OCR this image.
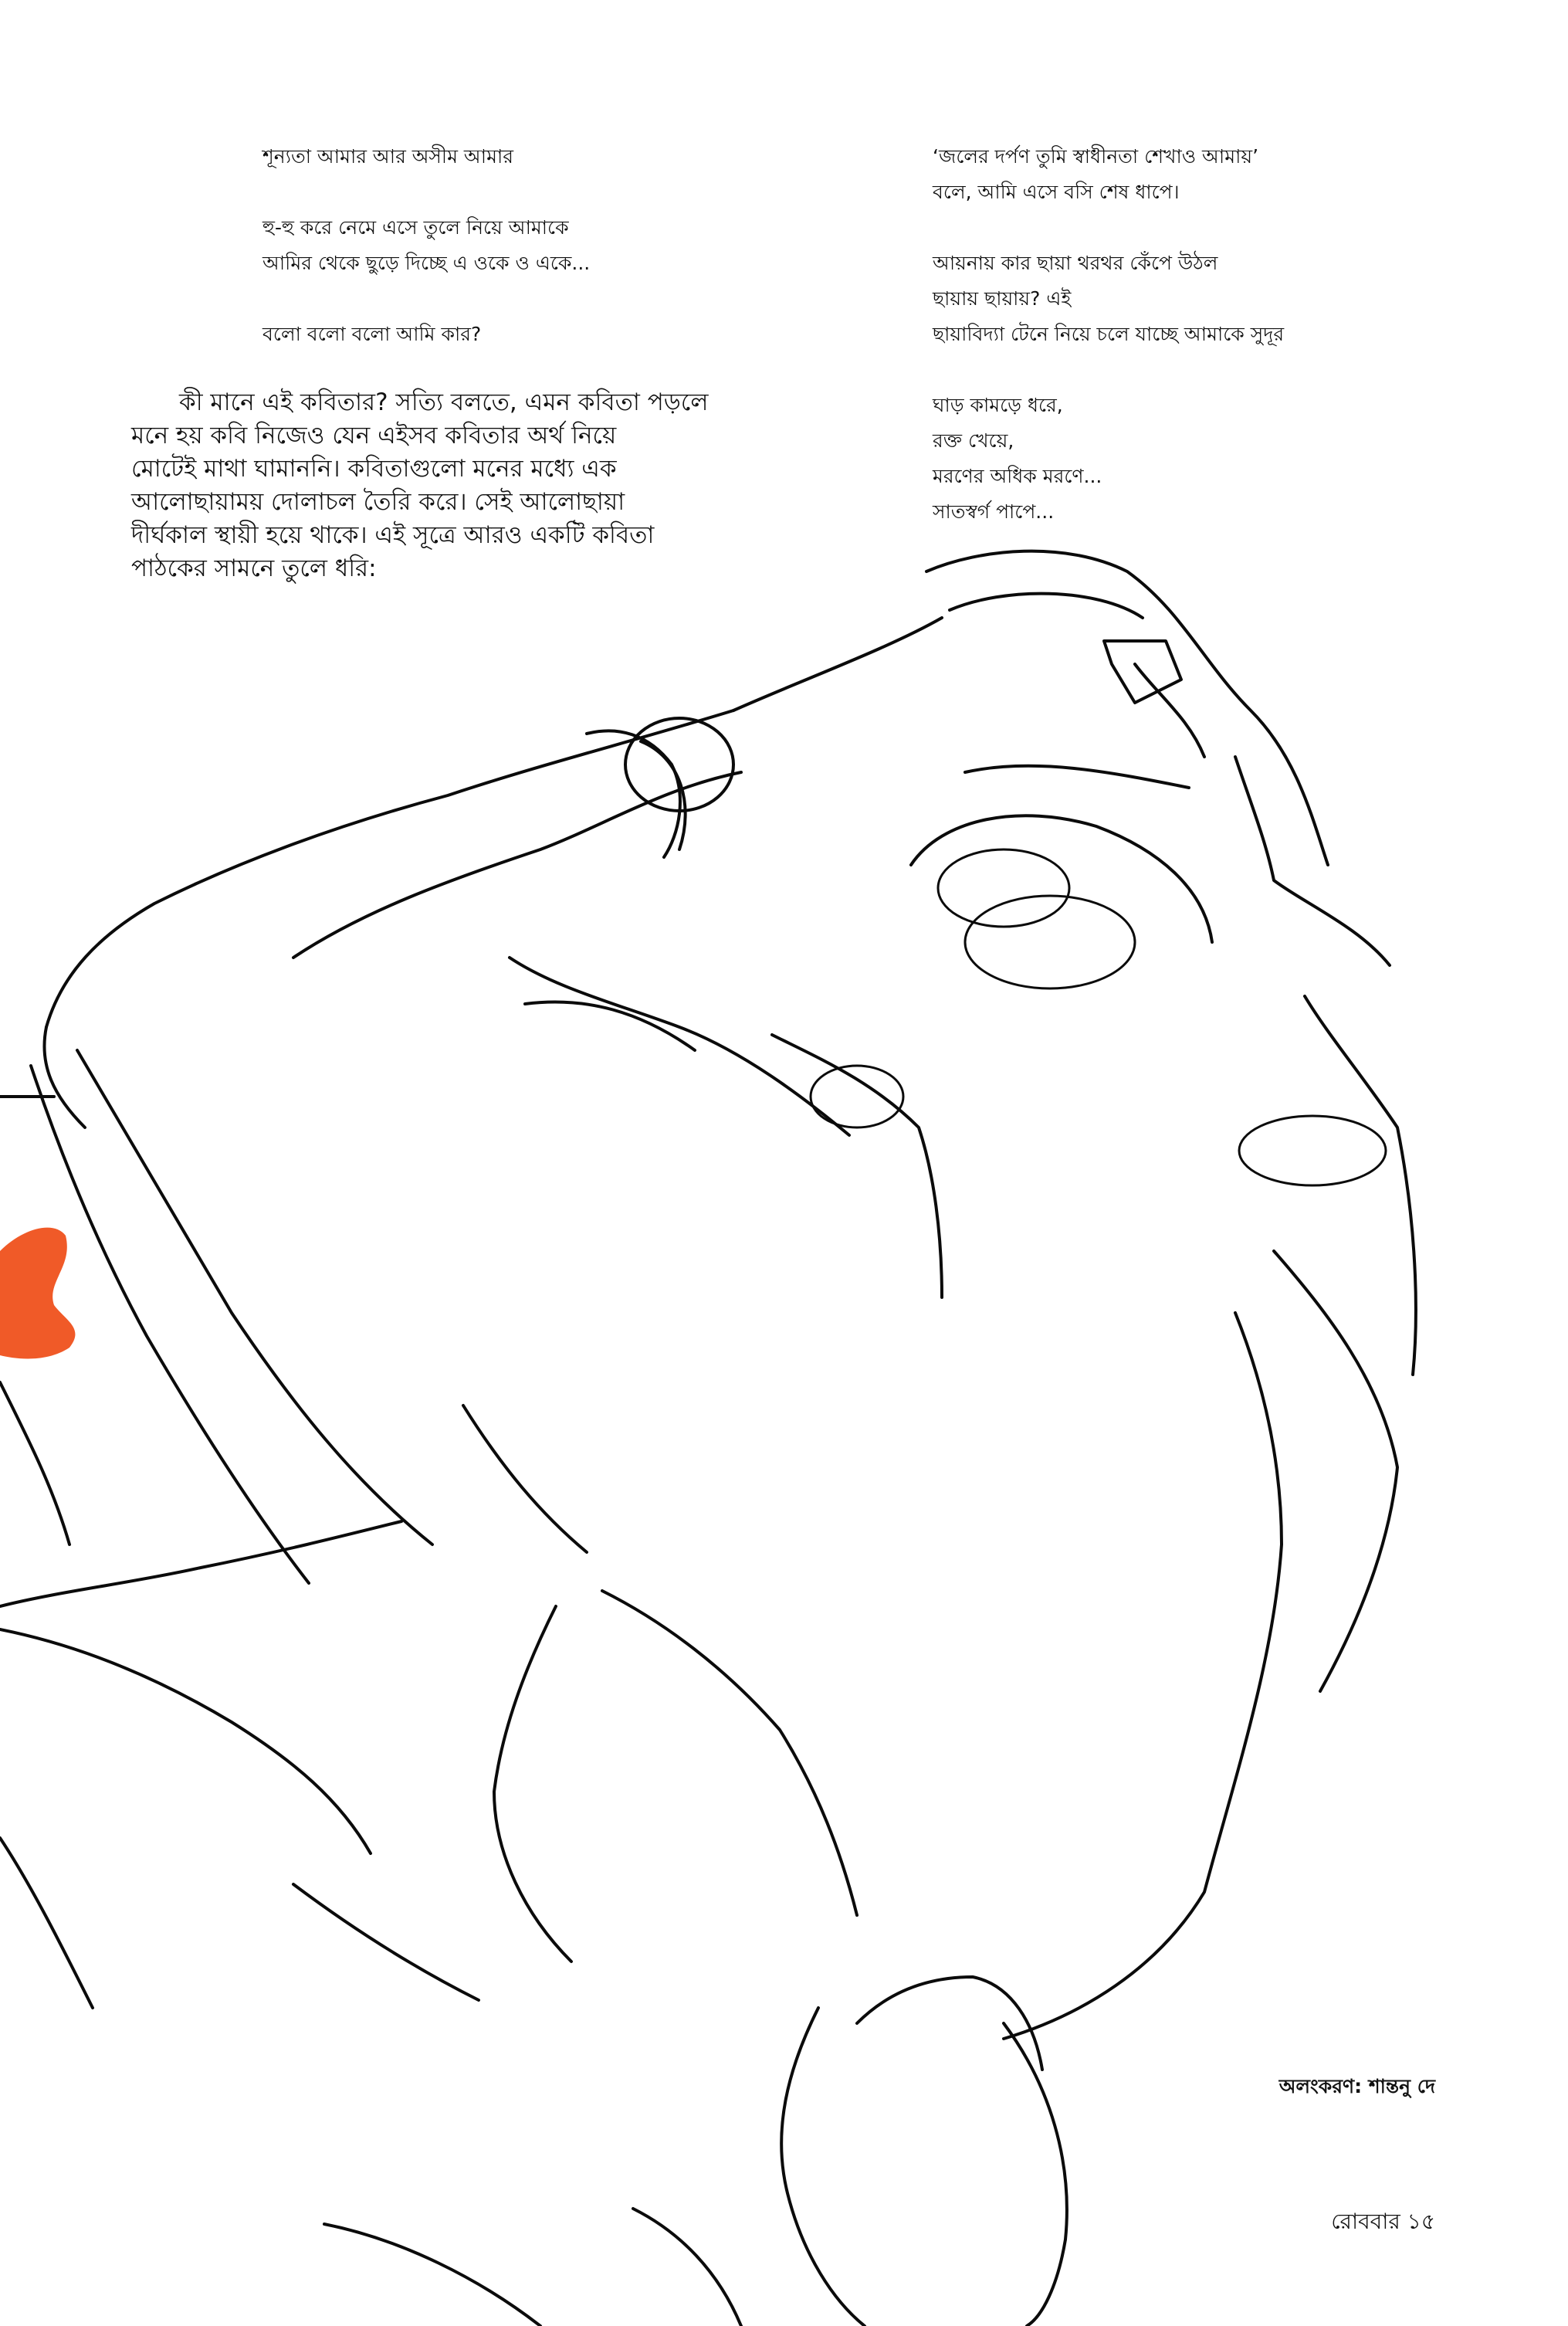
শূন্যতা আমার আর অসীম আমার
হু-হু করে নেমে এসে তুলে নিয়ে আমাকে
আমির থেকে ছুড়ে দিচ্ছে এ ওকে ও একে...
বলো বলো বলো আমি কার?
কী মানে এই কবিতার? সত্যি বলতে, এমন কবিতা পড়লে
মনে হয় কবি নিজেও যেন এইসব কবিতার অর্থ নিয়ে
মোটেই মাথা ঘামাননি। কবিতাগুলো মনের মধ্যে এক
আলোছায়াময় দোলাচল তৈরি করে। সেই আলোছায়া
দীর্ঘকাল স্থায়ী হয়ে থাকে। এই সূত্রে আরও একটি কবিতা
পাঠকের সামনে তুলে ধরি:
‘জলের দর্পণ তুমি স্বাধীনতা শেখাও আমায়’
বলে, আমি এসে বসি শেষ ধাপে।
আয়নায় কার ছায়া থরথর কেঁপে উঠল
ছায়ায় ছায়ায়? এই
ছায়াবিদ্যা টেনে নিয়ে চলে যাচ্ছে আমাকে সুদূর
ঘাড় কামড়ে ধরে,
রক্ত খেয়ে,
মরণের অধিক মরণে...
সাতস্বর্গ পাপে...
অলংকরণ: শান্তনু দে
রোববার ১৫
